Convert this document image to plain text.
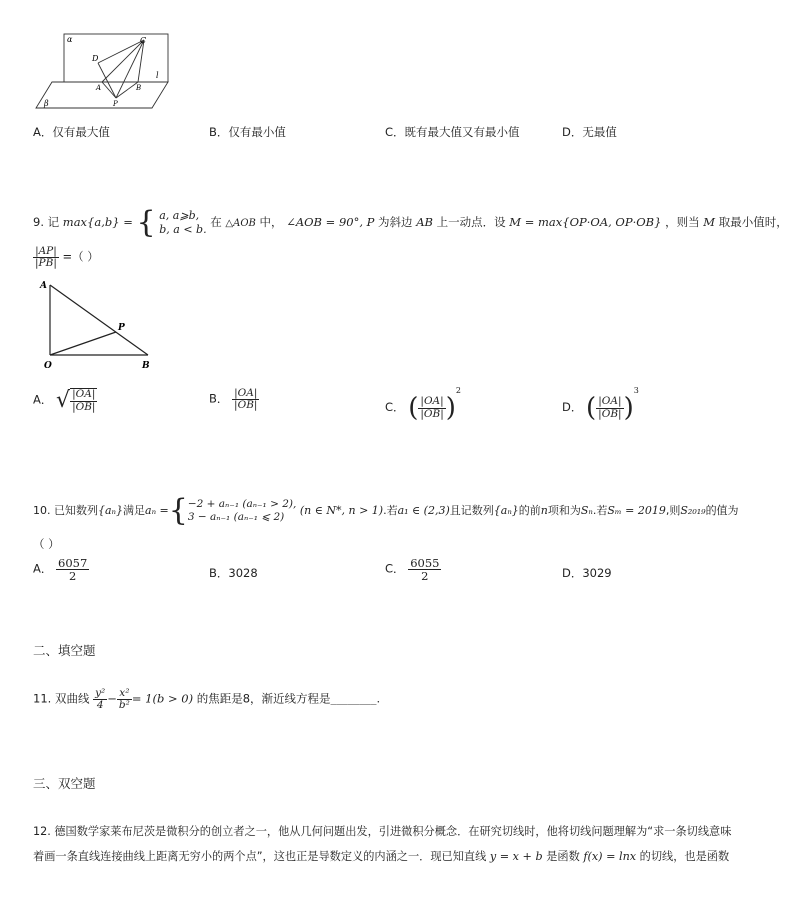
α
D
C
l
A	B
P
β
A．仅有最大值	B．仅有最小值	C．既有最大值又有最小值	D．无最值
9. 记 max{a,b} = { a, a⩾b,
b, a < b.
在 △AOB 中， ∠AOB = 90°, P 为斜边 AB 上一动点．设 M = max{OP·OA, OP·OB} ，则当 M 取最小值时，
$\frac{|AP|}{|PB|}$ =（ ）
A
P
O	B
A． √ $\frac{|OA|}{|OB|}$	B． $\frac{|OA|}{|OB|}$	C． ( $\frac{|OA|}{|OB|} )^2$
D． ( $\frac{|OA|}{|OB|} )^3$
10. 已知数列{aₙ}满足aₙ ={ −2 + aₙ₋₁ (aₙ₋₁ > 2),
3 − aₙ₋₁ (aₙ₋₁ ⩽ 2)	(n ∈ N*, n > 1).若a₁ ∈ (2,3)且记数列{aₙ}的前n项和为Sₙ.若Sₘ = 2019,则S₂₀₁₉的值为
（ ）
A． $\frac{6057}{2}$	B．3028	C． $\frac{6055}{2}$	D．3029
二、填空题
11. 双曲线 $\frac{\text{y²}}{4} - \frac{\text{x²}}{\text{b²}} = 1(b > 0)$ 的焦距是8，渐近线方程是________.
三、双空题
12. 德国数学家莱布尼茨是微积分的创立者之一，他从几何问题出发，引进微积分概念．在研究切线时，他将切线问题理解为“求一条切线意味
着画一条直线连接曲线上距离无穷小的两个点”，这也正是导数定义的内涵之一．现已知直线 y = x + b 是函数 f(x) = lnx 的切线，也是函数
